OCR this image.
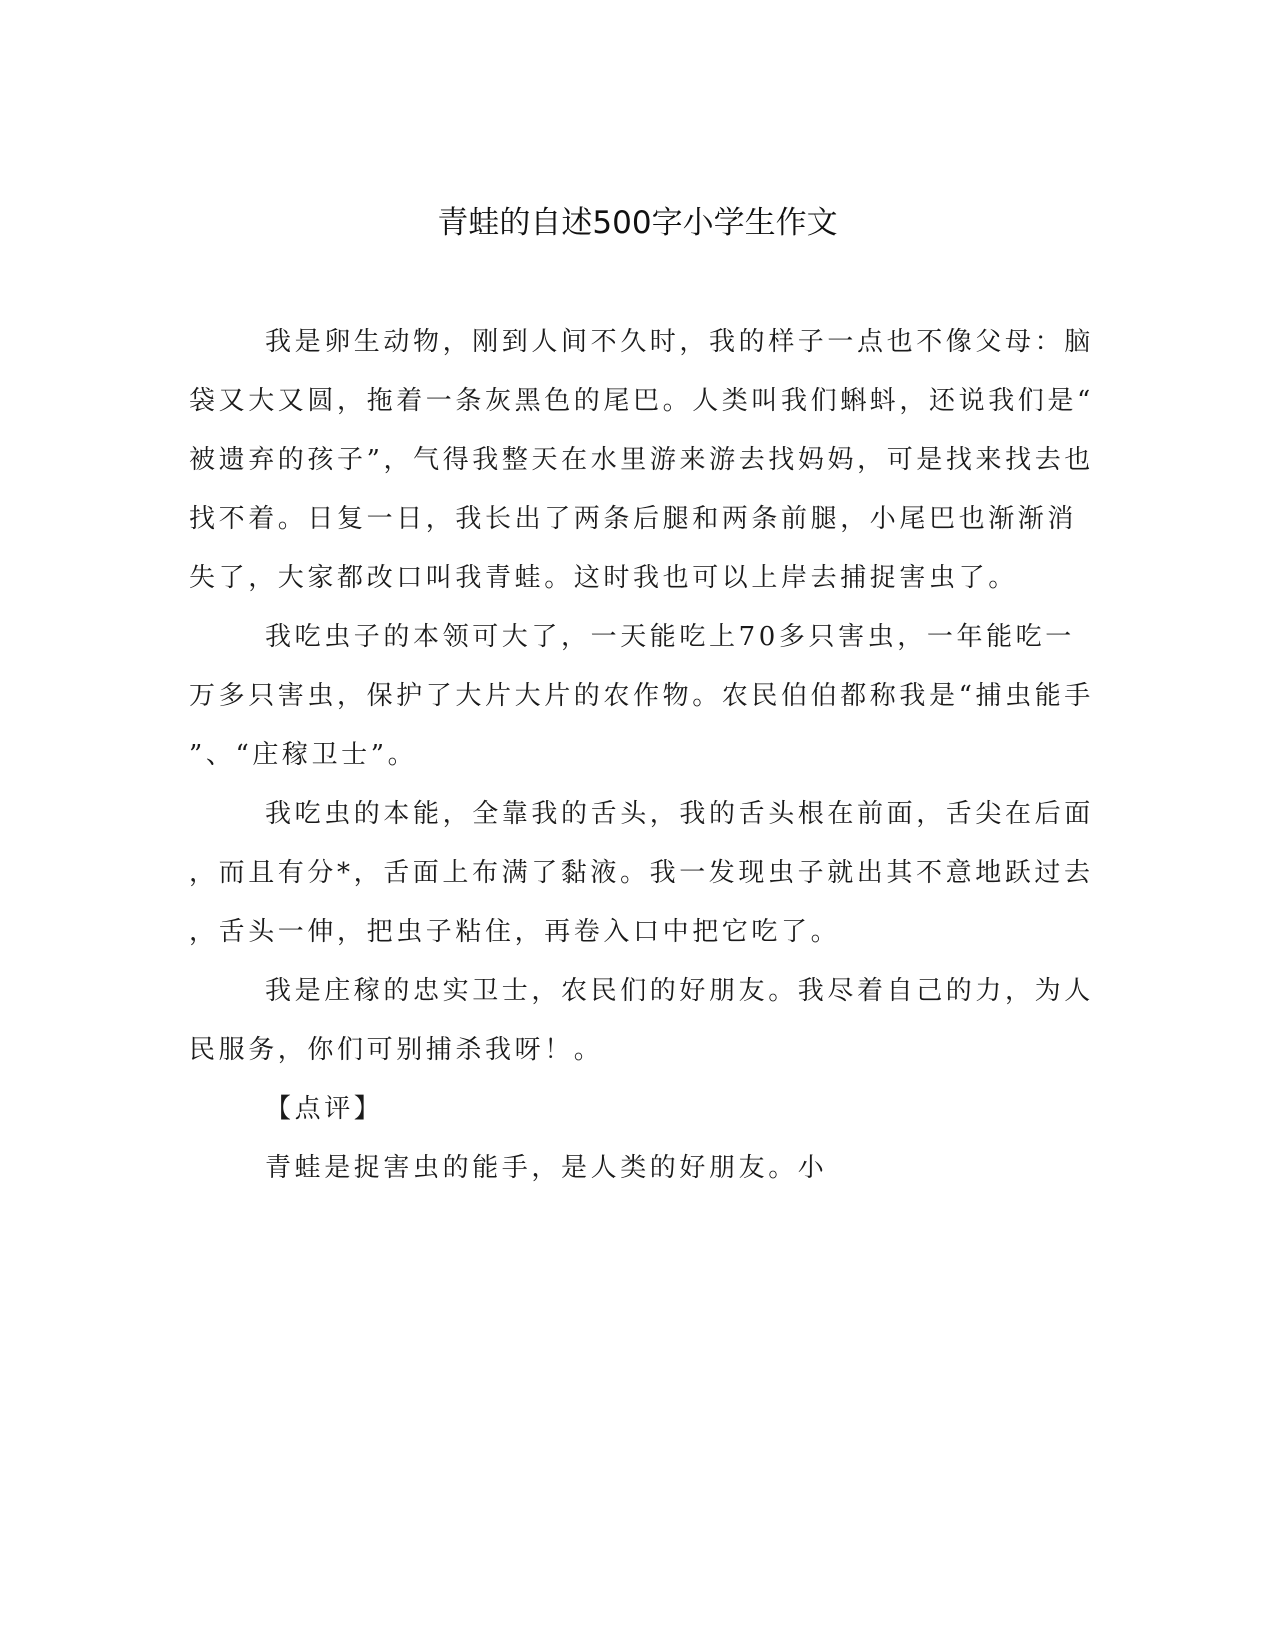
青蛙的自述500字小学生作文
我是卵生动物，刚到人间不久时，我的样子一点也不像父母：脑
袋又大又圆，拖着一条灰黑色的尾巴。人类叫我们蝌蚪，还说我们是“
被遗弃的孩子”，气得我整天在水里游来游去找妈妈，可是找来找去也
找不着。日复一日，我长出了两条后腿和两条前腿，小尾巴也渐渐消
失了，大家都改口叫我青蛙。这时我也可以上岸去捕捉害虫了。
我吃虫子的本领可大了，一天能吃上70多只害虫，一年能吃一
万多只害虫，保护了大片大片的农作物。农民伯伯都称我是“捕虫能手
”、“庄稼卫士”。
我吃虫的本能，全靠我的舌头，我的舌头根在前面，舌尖在后面
，而且有分*，舌面上布满了黏液。我一发现虫子就出其不意地跃过去
，舌头一伸，把虫子粘住，再卷入口中把它吃了。
我是庄稼的忠实卫士，农民们的好朋友。我尽着自己的力，为人
民服务，你们可别捕杀我呀！。
【点评】
青蛙是捉害虫的能手，是人类的好朋友。小
